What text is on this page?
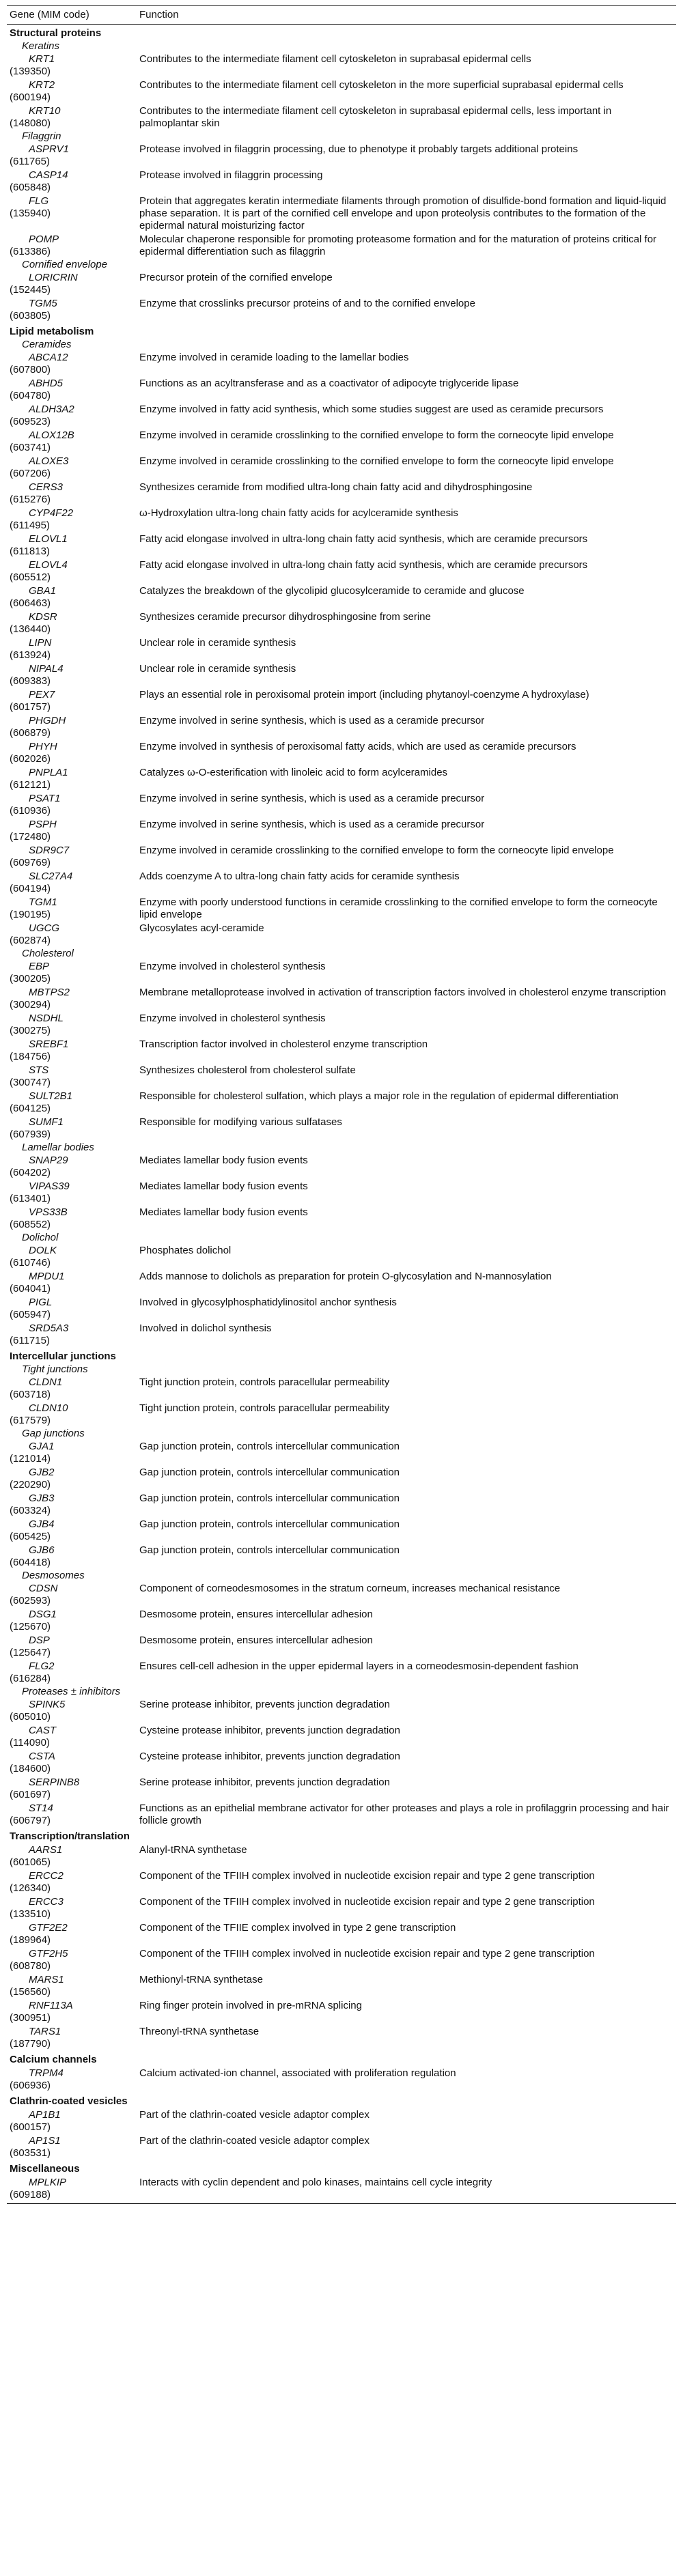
Gene (MIM code)	Function
Structural proteins	
Keratins	

KRT1
(139350)	Contributes to the intermediate filament cell cytoskeleton in suprabasal epidermal cells

KRT2
(600194)	Contributes to the intermediate filament cell cytoskeleton in the more superficial suprabasal epidermal cells

KRT10
(148080)	Contributes to the intermediate filament cell cytoskeleton in suprabasal epidermal cells, less important in palmoplantar skin
Filaggrin	

ASPRV1
(611765)	Protease involved in filaggrin processing, due to phenotype it probably targets additional proteins

CASP14
(605848)	Protease involved in filaggrin processing

FLG
(135940)	Protein that aggregates keratin intermediate filaments through promotion of disulfide-bond formation and liquid-liquid phase separation. It is part of the cornified cell envelope and upon proteolysis contributes to the formation of the epidermal natural moisturizing factor

POMP
(613386)	Molecular chaperone responsible for promoting proteasome formation and for the maturation of proteins critical for epidermal differentiation such as filaggrin
Cornified envelope	

LORICRIN
(152445)	Precursor protein of the cornified envelope

TGM5
(603805)	Enzyme that crosslinks precursor proteins of and to the cornified envelope
Lipid metabolism	
Ceramides	

ABCA12
(607800)	Enzyme involved in ceramide loading to the lamellar bodies

ABHD5
(604780)	Functions as an acyltransferase and as a coactivator of adipocyte triglyceride lipase

ALDH3A2
(609523)	Enzyme involved in fatty acid synthesis, which some studies suggest are used as ceramide precursors

ALOX12B
(603741)	Enzyme involved in ceramide crosslinking to the cornified envelope to form the corneocyte lipid envelope

ALOXE3
(607206)	Enzyme involved in ceramide crosslinking to the cornified envelope to form the corneocyte lipid envelope

CERS3
(615276)	Synthesizes ceramide from modified ultra-long chain fatty acid and dihydrosphingosine

CYP4F22
(611495)	ω-Hydroxylation ultra-long chain fatty acids for acylceramide synthesis

ELOVL1
(611813)	Fatty acid elongase involved in ultra-long chain fatty acid synthesis, which are ceramide precursors

ELOVL4
(605512)	Fatty acid elongase involved in ultra-long chain fatty acid synthesis, which are ceramide precursors

GBA1
(606463)	Catalyzes the breakdown of the glycolipid glucosylceramide to ceramide and glucose

KDSR
(136440)	Synthesizes ceramide precursor dihydrosphingosine from serine

LIPN
(613924)	Unclear role in ceramide synthesis

NIPAL4
(609383)	Unclear role in ceramide synthesis

PEX7
(601757)	Plays an essential role in peroxisomal protein import (including phytanoyl-coenzyme A hydroxylase)

PHGDH
(606879)	Enzyme involved in serine synthesis, which is used as a ceramide precursor

PHYH
(602026)	Enzyme involved in synthesis of peroxisomal fatty acids, which are used as ceramide precursors

PNPLA1
(612121)	Catalyzes ω-O-esterification with linoleic acid to form acylceramides

PSAT1
(610936)	Enzyme involved in serine synthesis, which is used as a ceramide precursor

PSPH
(172480)	Enzyme involved in serine synthesis, which is used as a ceramide precursor

SDR9C7
(609769)	Enzyme involved in ceramide crosslinking to the cornified envelope to form the corneocyte lipid envelope

SLC27A4
(604194)	Adds coenzyme A to ultra-long chain fatty acids for ceramide synthesis

TGM1
(190195)	Enzyme with poorly understood functions in ceramide crosslinking to the cornified envelope to form the corneocyte lipid envelope

UGCG
(602874)	Glycosylates acyl-ceramide
Cholesterol	

EBP
(300205)	Enzyme involved in cholesterol synthesis

MBTPS2
(300294)	Membrane metalloprotease involved in activation of transcription factors involved in cholesterol enzyme transcription

NSDHL
(300275)	Enzyme involved in cholesterol synthesis

SREBF1
(184756)	Transcription factor involved in cholesterol enzyme transcription

STS
(300747)	Synthesizes cholesterol from cholesterol sulfate

SULT2B1
(604125)	Responsible for cholesterol sulfation, which plays a major role in the regulation of epidermal differentiation

SUMF1
(607939)	Responsible for modifying various sulfatases
Lamellar bodies	

SNAP29
(604202)	Mediates lamellar body fusion events

VIPAS39
(613401)	Mediates lamellar body fusion events

VPS33B
(608552)	Mediates lamellar body fusion events
Dolichol	

DOLK
(610746)	Phosphates dolichol

MPDU1
(604041)	Adds mannose to dolichols as preparation for protein O-glycosylation and N-mannosylation

PIGL
(605947)	Involved in glycosylphosphatidylinositol anchor synthesis

SRD5A3
(611715)	Involved in dolichol synthesis
Intercellular junctions	
Tight junctions	

CLDN1
(603718)	Tight junction protein, controls paracellular permeability

CLDN10
(617579)	Tight junction protein, controls paracellular permeability
Gap junctions	

GJA1
(121014)	Gap junction protein, controls intercellular communication

GJB2
(220290)	Gap junction protein, controls intercellular communication

GJB3
(603324)	Gap junction protein, controls intercellular communication

GJB4
(605425)	Gap junction protein, controls intercellular communication

GJB6
(604418)	Gap junction protein, controls intercellular communication
Desmosomes	

CDSN
(602593)	Component of corneodesmosomes in the stratum corneum, increases mechanical resistance

DSG1
(125670)	Desmosome protein, ensures intercellular adhesion

DSP
(125647)	Desmosome protein, ensures intercellular adhesion

FLG2
(616284)	Ensures cell-cell adhesion in the upper epidermal layers in a corneodesmosin-dependent fashion
Proteases ± inhibitors	

SPINK5
(605010)	Serine protease inhibitor, prevents junction degradation

CAST
(114090)	Cysteine protease inhibitor, prevents junction degradation

CSTA
(184600)	Cysteine protease inhibitor, prevents junction degradation

SERPINB8
(601697)	Serine protease inhibitor, prevents junction degradation

ST14
(606797)	Functions as an epithelial membrane activator for other proteases and plays a role in profilaggrin processing and hair follicle growth
Transcription/translation	

AARS1
(601065)	Alanyl-tRNA synthetase

ERCC2
(126340)	Component of the TFIIH complex involved in nucleotide excision repair and type 2 gene transcription

ERCC3
(133510)	Component of the TFIIH complex involved in nucleotide excision repair and type 2 gene transcription

GTF2E2
(189964)	Component of the TFIIE complex involved in type 2 gene transcription

GTF2H5
(608780)	Component of the TFIIH complex involved in nucleotide excision repair and type 2 gene transcription

MARS1
(156560)	Methionyl-tRNA synthetase

RNF113A
(300951)	Ring finger protein involved in pre-mRNA splicing

TARS1
(187790)	Threonyl-tRNA synthetase
Calcium channels	

TRPM4
(606936)	Calcium activated-ion channel, associated with proliferation regulation
Clathrin-coated vesicles	

AP1B1
(600157)	Part of the clathrin-coated vesicle adaptor complex

AP1S1
(603531)	Part of the clathrin-coated vesicle adaptor complex
Miscellaneous	

MPLKIP
(609188)	Interacts with cyclin dependent and polo kinases, maintains cell cycle integrity
